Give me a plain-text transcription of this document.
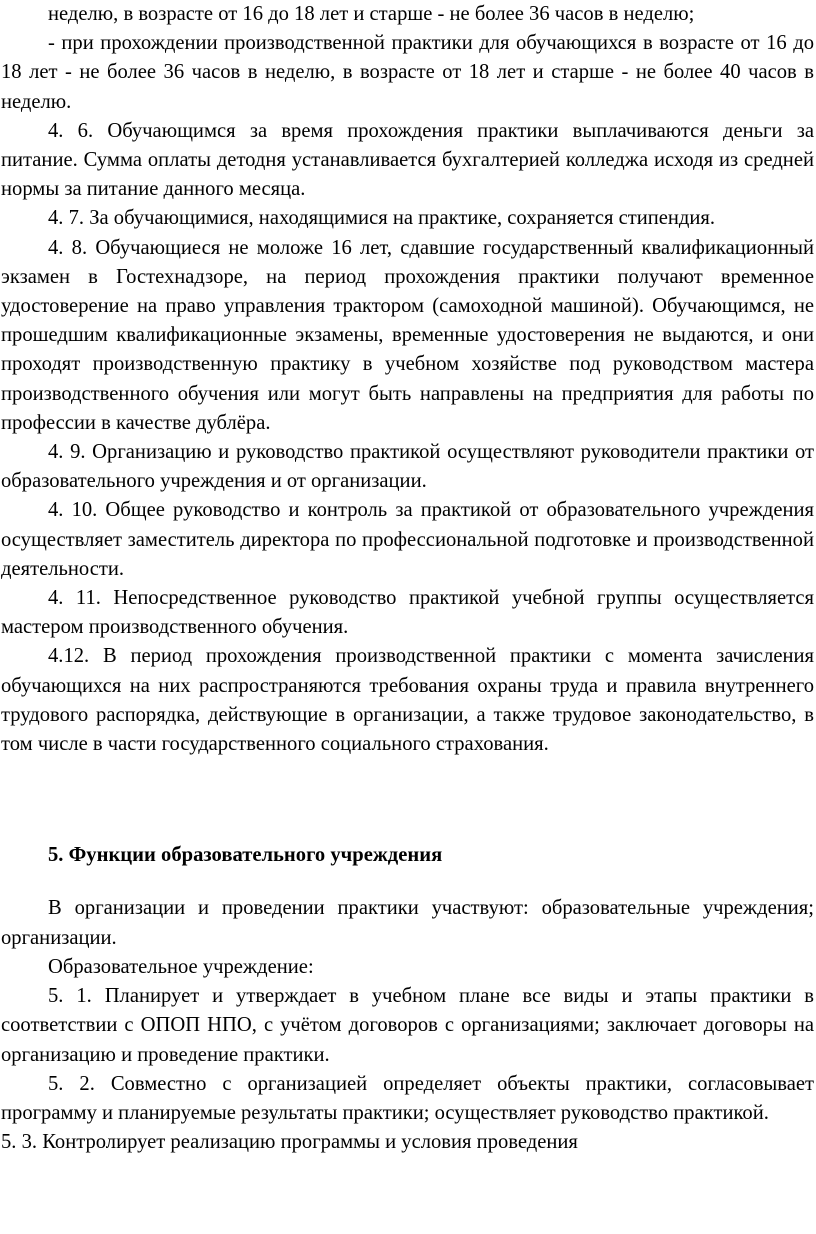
неделю, в возрасте от 16 до 18 лет и старше - не более 36 часов в неделю;

- при прохождении производственной практики для обучающихся в возрасте от 16 до 18 лет - не более 36 часов в неделю, в возрасте от 18 лет и старше - не более 40 часов в неделю.

4. 6. Обучающимся за время прохождения практики выплачиваются деньги за питание. Сумма оплаты детодня устанавливается бухгалтерией колледжа исходя из средней нормы за питание данного месяца.

4. 7. За обучающимися, находящимися на практике, сохраняется стипендия.

4. 8. Обучающиеся не моложе 16 лет, сдавшие государственный квалификационный экзамен в Гостехнадзоре, на период прохождения практики получают временное удостоверение на право управления трактором (самоходной машиной). Обучающимся, не прошедшим квалификационные экзамены, временные удостоверения не выдаются, и они проходят производственную практику в учебном хозяйстве под руководством мастера производственного обучения или могут быть направлены на предприятия для работы по профессии в качестве дублёра.

4. 9. Организацию и руководство практикой осуществляют руководители практики от образовательного учреждения и от организации.

4. 10. Общее руководство и контроль за практикой от образовательного учреждения осуществляет заместитель директора по профессиональной подготовке и производственной деятельности.

4. 11. Непосредственное руководство практикой учебной группы осуществляется мастером производственного обучения.

4.12. В период прохождения производственной практики с момента зачисления обучающихся на них распространяются требования охраны труда и правила внутреннего трудового распорядка, действующие в организации, а также трудовое законодательство, в том числе в части государственного социального страхования.

5. Функции образовательного учреждения

В организации и проведении практики участвуют: образовательные учреждения; организации.

Образовательное учреждение:

5. 1. Планирует и утверждает в учебном плане все виды и этапы практики в соответствии с ОПОП НПО, с учётом договоров с организациями; заключает договоры на организацию и проведение практики.

5. 2. Совместно с организацией определяет объекты практики, согласовывает программу и планируемые результаты практики; осуществляет руководство практикой.

5. 3. Контролирует реализацию программы и условия проведения
